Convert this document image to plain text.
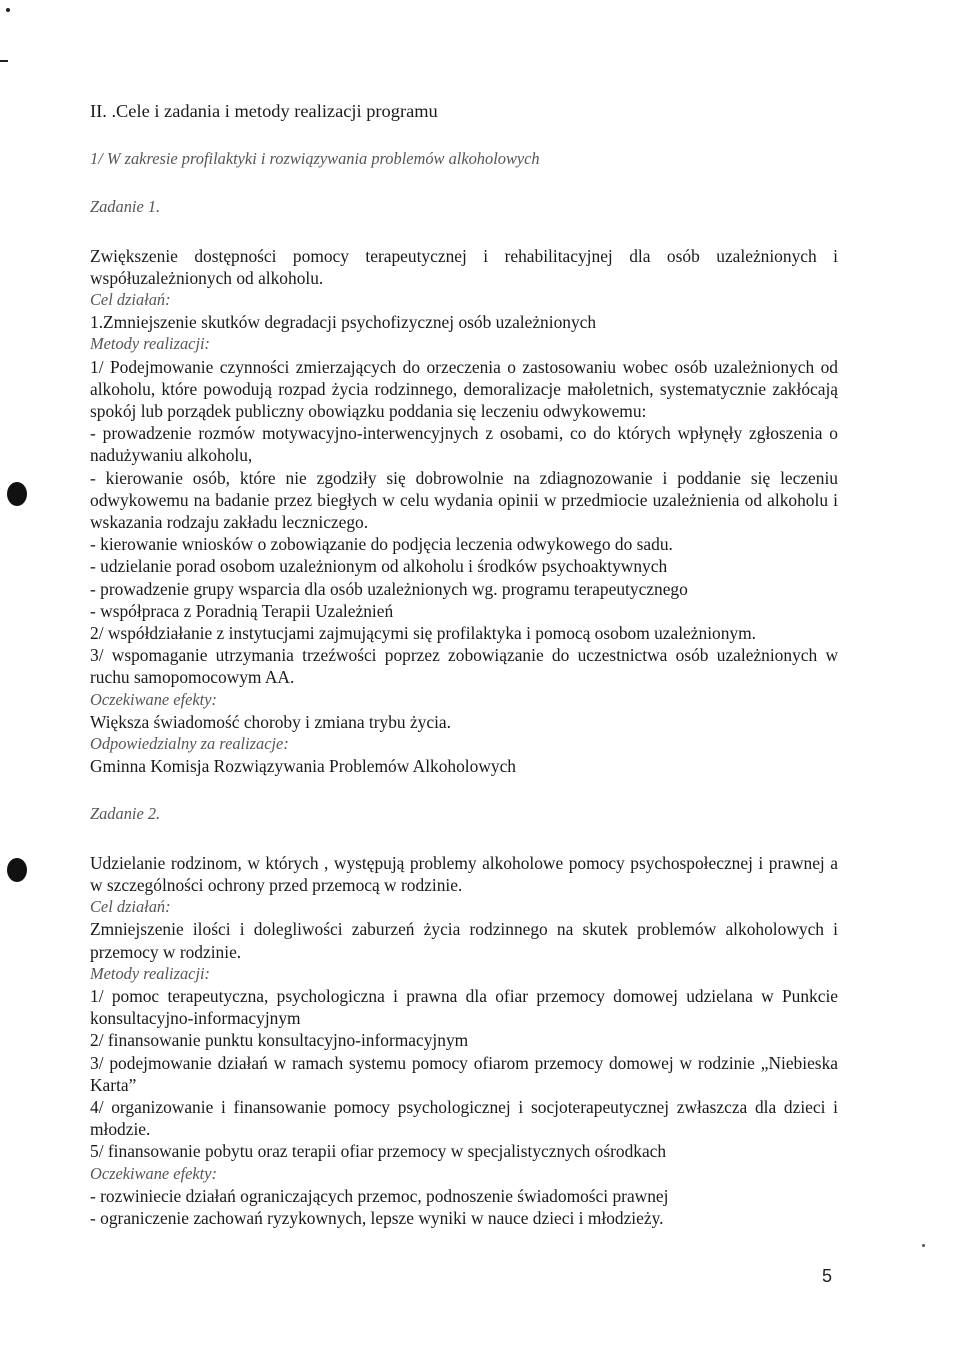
II. .Cele i zadania i metody realizacji programu

1/ W zakresie profilaktyki i rozwiązywania problemów alkoholowych

Zadanie 1.

Zwiększenie dostępności pomocy terapeutycznej i rehabilitacyjnej dla osób uzależnionych i współuzależnionych od alkoholu.

Cel działań:

1.Zmniejszenie skutków degradacji psychofizycznej osób uzależnionych

Metody realizacji:

1/ Podejmowanie czynności zmierzających do orzeczenia o zastosowaniu wobec osób uzależnionych od alkoholu, które powodują rozpad życia rodzinnego, demoralizacje małoletnich, systematycznie zakłócają spokój lub porządek publiczny obowiązku poddania się leczeniu odwykowemu:

- prowadzenie rozmów motywacyjno-interwencyjnych z osobami, co do których wpłynęły zgłoszenia o nadużywaniu alkoholu,

- kierowanie osób, które nie zgodziły się dobrowolnie na zdiagnozowanie i poddanie się leczeniu odwykowemu na badanie przez biegłych w celu wydania opinii w przedmiocie uzależnienia od alkoholu i wskazania rodzaju zakładu leczniczego.

- kierowanie wniosków o zobowiązanie do podjęcia leczenia odwykowego do sadu.

- udzielanie porad osobom uzależnionym od alkoholu i środków psychoaktywnych

- prowadzenie grupy wsparcia dla osób uzależnionych wg. programu terapeutycznego

- współpraca z Poradnią Terapii Uzależnień

2/ współdziałanie z instytucjami zajmującymi się profilaktyka i pomocą osobom uzależnionym.

3/ wspomaganie utrzymania trzeźwości poprzez zobowiązanie do uczestnictwa osób uzależnionych w ruchu samopomocowym AA.

Oczekiwane efekty:

Większa świadomość choroby i zmiana trybu życia.

Odpowiedzialny za realizacje:

Gminna Komisja Rozwiązywania Problemów Alkoholowych

Zadanie 2.

Udzielanie rodzinom, w których , występują problemy alkoholowe pomocy psychospołecznej i prawnej a w szczególności ochrony przed przemocą w rodzinie.

Cel działań:

Zmniejszenie ilości i dolegliwości zaburzeń życia rodzinnego na skutek problemów alkoholowych i przemocy w rodzinie.

Metody realizacji:

1/ pomoc terapeutyczna, psychologiczna i prawna dla ofiar przemocy domowej udzielana w Punkcie konsultacyjno-informacyjnym

2/ finansowanie punktu konsultacyjno-informacyjnym

3/ podejmowanie działań w ramach systemu pomocy ofiarom przemocy domowej w rodzinie „Niebieska Karta”

4/ organizowanie i finansowanie pomocy psychologicznej i socjoterapeutycznej zwłaszcza dla dzieci i młodzie.

5/ finansowanie pobytu oraz terapii ofiar przemocy w specjalistycznych ośrodkach

Oczekiwane efekty:

- rozwiniecie działań ograniczających przemoc, podnoszenie świadomości prawnej

- ograniczenie zachowań ryzykownych, lepsze wyniki w nauce dzieci i młodzieży.

5
